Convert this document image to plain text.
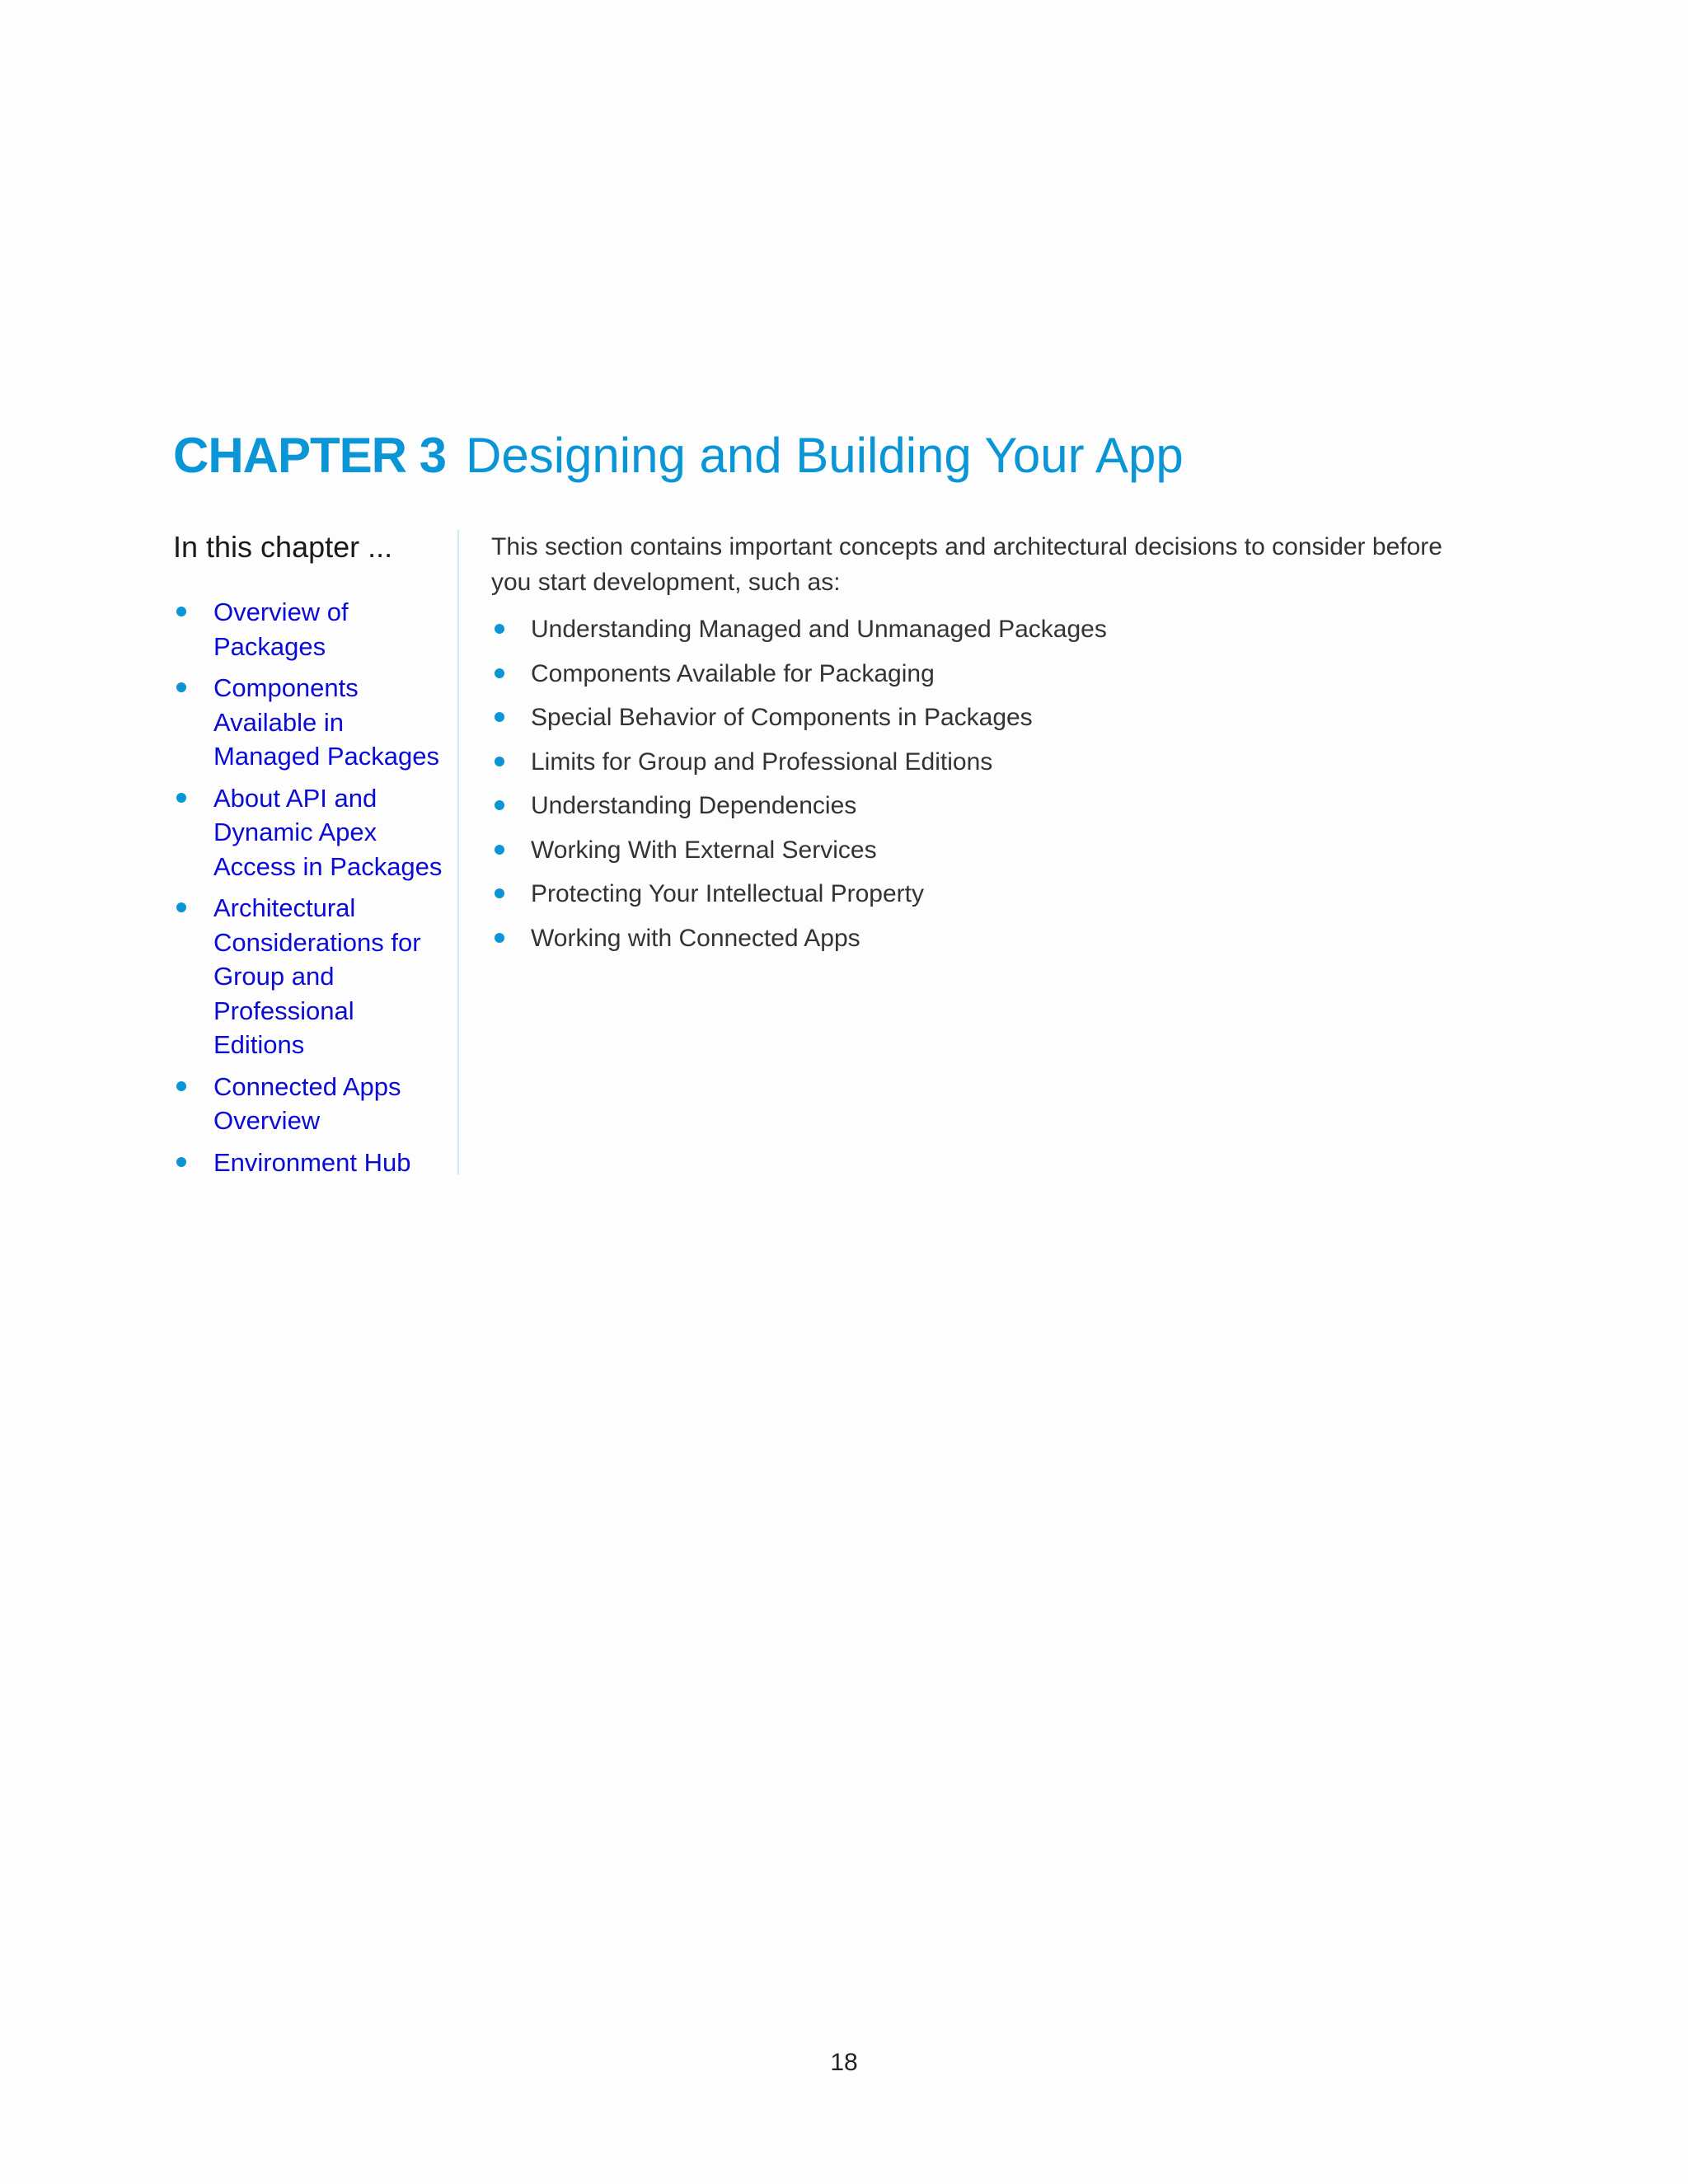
CHAPTER 3 Designing and Building Your App
In this chapter ...
Overview of Packages
Components Available in Managed Packages
About API and Dynamic Apex Access in Packages
Architectural Considerations for Group and Professional Editions
Connected Apps Overview
Environment Hub

This section contains important concepts and architectural decisions to consider before you start development, such as:

Understanding Managed and Unmanaged Packages
Components Available for Packaging
Special Behavior of Components in Packages
Limits for Group and Professional Editions
Understanding Dependencies
Working With External Services
Protecting Your Intellectual Property
Working with Connected Apps
18
